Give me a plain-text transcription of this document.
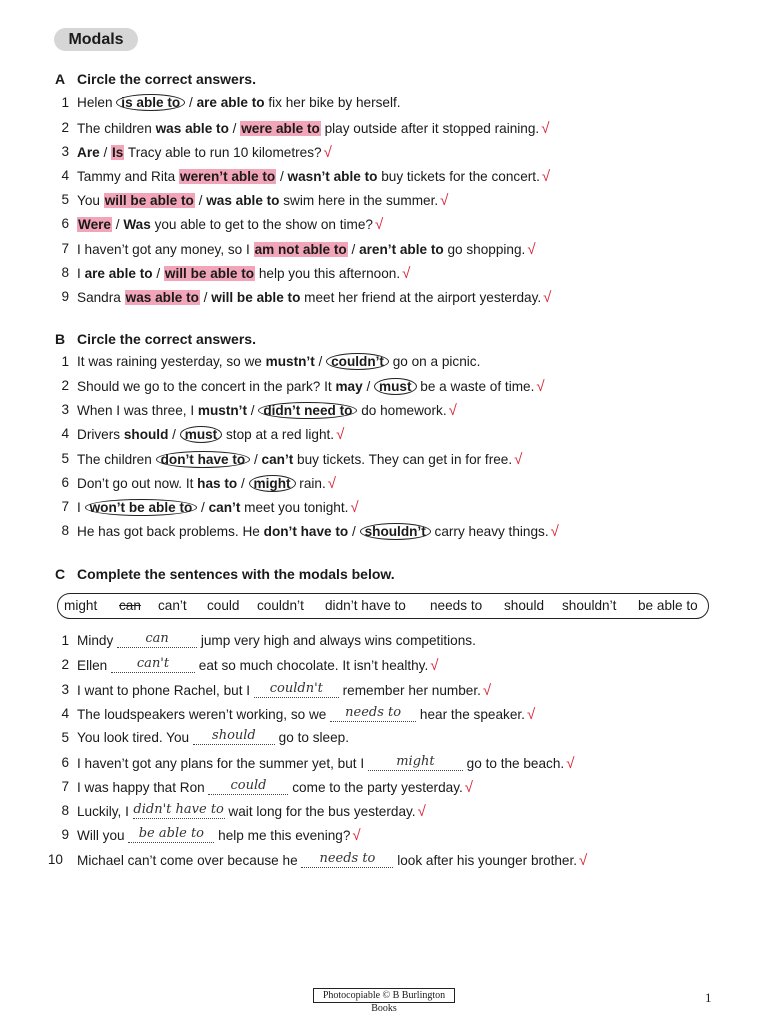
Modals
A Circle the correct answers.
1 Helen is able to / are able to fix her bike by herself.
2 The children was able to / were able to play outside after it stopped raining. √
3 Are / Is Tracy able to run 10 kilometres? √
4 Tammy and Rita weren’t able to / wasn’t able to buy tickets for the concert. √
5 You will be able to / was able to swim here in the summer. √
6 Were / Was you able to get to the show on time? √
7 I haven’t got any money, so I am not able to / aren’t able to go shopping. √
8 I are able to / will be able to help you this afternoon. √
9 Sandra was able to / will be able to meet her friend at the airport yesterday. √
B Circle the correct answers.
1 It was raining yesterday, so we mustn’t / couldn’t go on a picnic.
2 Should we go to the concert in the park? It may / must be a waste of time. √
3 When I was three, I mustn’t / didn’t need to do homework. √
4 Drivers should / must stop at a red light. √
5 The children don’t have to / can’t buy tickets. They can get in for free. √
6 Don’t go out now. It has to / might rain. √
7 I won’t be able to / can’t meet you tonight. √
8 He has got back problems. He don’t have to / shouldn’t carry heavy things. √
C Complete the sentences with the modals below.
might can can’t could couldn’t didn’t have to needs to should shouldn’t be able to
1 Mindy can jump very high and always wins competitions.
2 Ellen can't eat so much chocolate. It isn’t healthy. √
3 I want to phone Rachel, but I couldn't remember her number. √
4 The loudspeakers weren’t working, so we needs to hear the speaker. √
5 You look tired. You should go to sleep.
6 I haven’t got any plans for the summer yet, but I might go to the beach. √
7 I was happy that Ron could come to the party yesterday. √
8 Luckily, I didn't have to wait long for the bus yesterday. √
9 Will you be able to help me this evening? √
10 Michael can’t come over because he needs to look after his younger brother. √
Photocopiable © B Burlington Books
1
